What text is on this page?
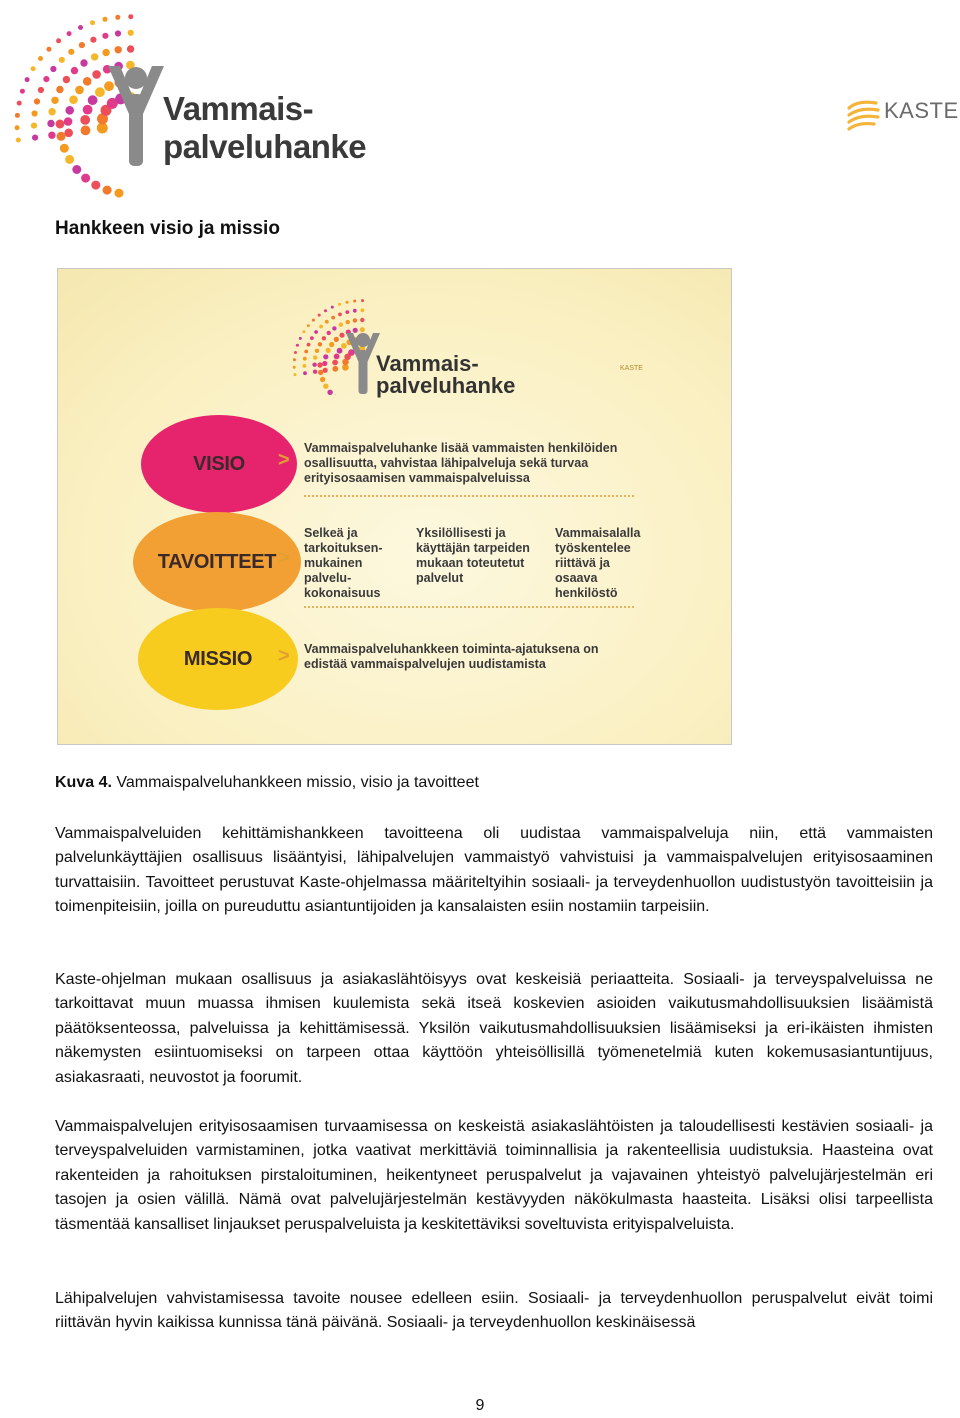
Vammais-
palveluhanke
KASTE
Hankkeen visio ja missio
Vammais-
palveluhanke
KASTE
VISIO >
Vammaispalveluhanke lisää vammaisten henkilöiden osallisuutta, vahvistaa lähipalveluja sekä turvaa erityisosaamisen vammaispalveluissa
TAVOITTEET >
Selkeä ja tarkoituksen-mukainen palvelu-kokonaisuus
Yksilöllisesti ja käyttäjän tarpeiden mukaan toteutetut palvelut
Vammaisalalla työskentelee riittävä ja osaava henkilöstö
MISSIO > Vammaispalveluhankkeen toiminta-ajatuksena on edistää vammaispalvelujen uudistamista
Kuva 4. Vammaispalveluhankkeen missio, visio ja tavoitteet

Vammaispalveluiden kehittämishankkeen tavoitteena oli uudistaa vammaispalveluja niin, että vammaisten palvelunkäyttäjien osallisuus lisääntyisi, lähipalvelujen vammaistyö vahvistuisi ja vammaispalvelujen erityisosaaminen turvattaisiin. Tavoitteet perustuvat Kaste-ohjelmassa määriteltyihin sosiaali- ja terveydenhuollon uudistustyön tavoitteisiin ja toimenpiteisiin, joilla on pureuduttu asiantuntijoiden ja kansalaisten esiin nostamiin tarpeisiin.

Kaste-ohjelman mukaan osallisuus ja asiakaslähtöisyys ovat keskeisiä periaatteita. Sosiaali- ja terveyspalveluissa ne tarkoittavat muun muassa ihmisen kuulemista sekä itseä koskevien asioiden vaikutusmahdollisuuksien lisäämistä päätöksenteossa, palveluissa ja kehittämisessä. Yksilön vaikutusmahdollisuuksien lisäämiseksi ja eri-ikäisten ihmisten näkemysten esiintuomiseksi on tarpeen ottaa käyttöön yhteisöllisillä työmenetelmiä kuten kokemusasiantuntijuus, asiakasraati, neuvostot ja foorumit.

Vammaispalvelujen erityisosaamisen turvaamisessa on keskeistä asiakaslähtöisten ja taloudellisesti kestävien sosiaali- ja terveyspalveluiden varmistaminen, jotka vaativat merkittäviä toiminnallisia ja rakenteellisia uudistuksia. Haasteina ovat rakenteiden ja rahoituksen pirstaloituminen, heikentyneet peruspalvelut ja vajavainen yhteistyö palvelujärjestelmän eri tasojen ja osien välillä. Nämä ovat palvelujärjestelmän kestävyyden näkökulmasta haasteita. Lisäksi olisi tarpeellista täsmentää kansalliset linjaukset peruspalveluista ja keskitettäviksi soveltuvista erityispalveluista.

Lähipalvelujen vahvistamisessa tavoite nousee edelleen esiin. Sosiaali- ja terveydenhuollon peruspalvelut eivät toimi riittävän hyvin kaikissa kunnissa tänä päivänä. Sosiaali- ja terveydenhuollon keskinäisessä

9
